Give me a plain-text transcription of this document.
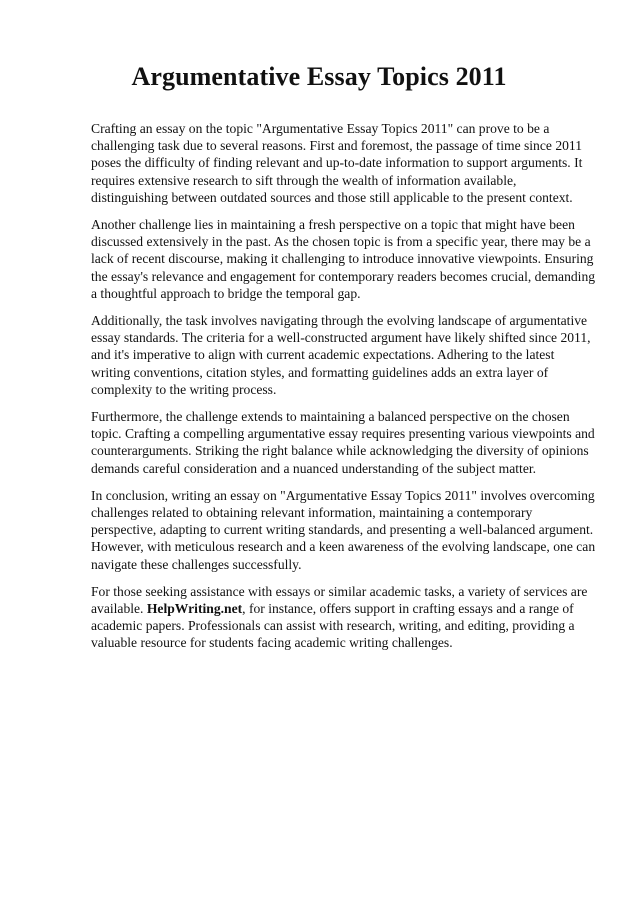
Argumentative Essay Topics 2011

Crafting an essay on the topic "Argumentative Essay Topics 2011" can prove to be a challenging task due to several reasons. First and foremost, the passage of time since 2011 poses the difficulty of finding relevant and up-to-date information to support arguments. It requires extensive research to sift through the wealth of information available, distinguishing between outdated sources and those still applicable to the present context.

Another challenge lies in maintaining a fresh perspective on a topic that might have been discussed extensively in the past. As the chosen topic is from a specific year, there may be a lack of recent discourse, making it challenging to introduce innovative viewpoints. Ensuring the essay's relevance and engagement for contemporary readers becomes crucial, demanding a thoughtful approach to bridge the temporal gap.

Additionally, the task involves navigating through the evolving landscape of argumentative essay standards. The criteria for a well-constructed argument have likely shifted since 2011, and it's imperative to align with current academic expectations. Adhering to the latest writing conventions, citation styles, and formatting guidelines adds an extra layer of complexity to the writing process.

Furthermore, the challenge extends to maintaining a balanced perspective on the chosen topic. Crafting a compelling argumentative essay requires presenting various viewpoints and counterarguments. Striking the right balance while acknowledging the diversity of opinions demands careful consideration and a nuanced understanding of the subject matter.

In conclusion, writing an essay on "Argumentative Essay Topics 2011" involves overcoming challenges related to obtaining relevant information, maintaining a contemporary perspective, adapting to current writing standards, and presenting a well-balanced argument. However, with meticulous research and a keen awareness of the evolving landscape, one can navigate these challenges successfully.

For those seeking assistance with essays or similar academic tasks, a variety of services are available. HelpWriting.net, for instance, offers support in crafting essays and a range of academic papers. Professionals can assist with research, writing, and editing, providing a valuable resource for students facing academic writing challenges.
